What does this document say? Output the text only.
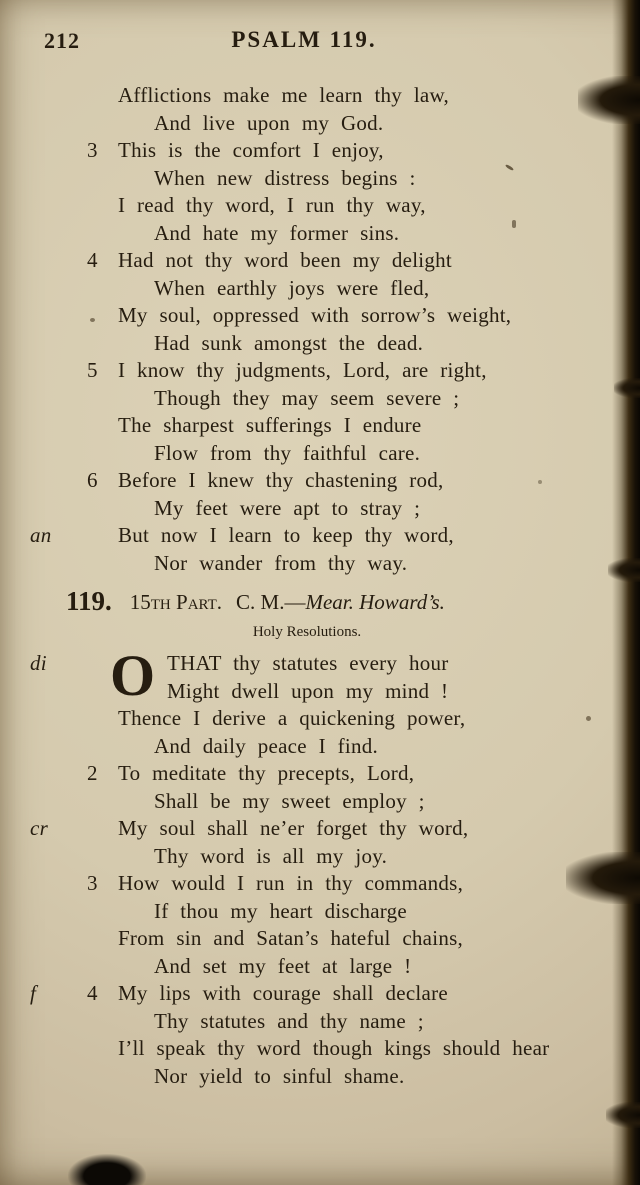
212	PSALM 119.
Afflictions make me learn thy law,
And live upon my God.
3 This is the comfort I enjoy,
When new distress begins :
I read thy word, I run thy way,
And hate my former sins.
4 Had not thy word been my delight
When earthly joys were fled,
My soul, oppressed with sorrow’s weight,
Had sunk amongst the dead.
5 I know thy judgments, Lord, are right,
Though they may seem severe ;
The sharpest sufferings I endure
Flow from thy faithful care.
6 Before I knew thy chastening rod,
My feet were apt to stray ;
an	But now I learn to keep thy word,
Nor wander from thy way.
119. 15th Part. C. M.—Mear. Howard’s.
Holy Resolutions.
O
di	THAT thy statutes every hour
Might dwell upon my mind !
Thence I derive a quickening power,
And daily peace I find.
2 To meditate thy precepts, Lord,
Shall be my sweet employ ;
cr	My soul shall ne’er forget thy word,
Thy word is all my joy.
3 How would I run in thy commands,
If thou my heart discharge
From sin and Satan’s hateful chains,
And set my feet at large !
4
f	My lips with courage shall declare
Thy statutes and thy name ;
I’ll speak thy word though kings should hear
Nor yield to sinful shame.
